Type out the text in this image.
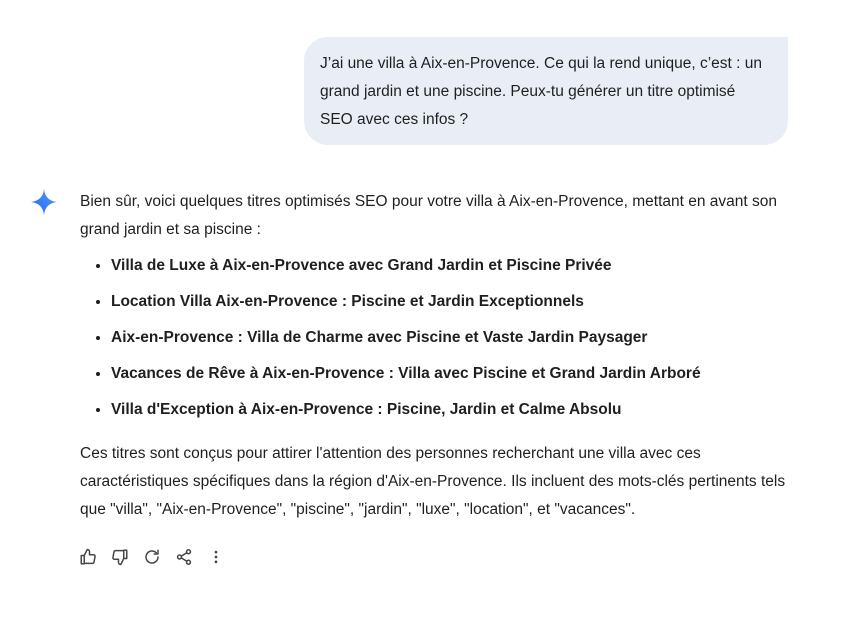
J’ai une villa à Aix-en-Provence. Ce qui la rend unique, c’est : un grand jardin et une piscine. Peux-tu générer un titre optimisé SEO avec ces infos ?

Bien sûr, voici quelques titres optimisés SEO pour votre villa à Aix-en-Provence, mettant en avant son grand jardin et sa piscine :

• Villa de Luxe à Aix-en-Provence avec Grand Jardin et Piscine Privée
• Location Villa Aix-en-Provence : Piscine et Jardin Exceptionnels
• Aix-en-Provence : Villa de Charme avec Piscine et Vaste Jardin Paysager
• Vacances de Rêve à Aix-en-Provence : Villa avec Piscine et Grand Jardin Arboré
• Villa d'Exception à Aix-en-Provence : Piscine, Jardin et Calme Absolu

Ces titres sont conçus pour attirer l'attention des personnes recherchant une villa avec ces caractéristiques spécifiques dans la région d'Aix-en-Provence. Ils incluent des mots-clés pertinents tels que "villa", "Aix-en-Provence", "piscine", "jardin", "luxe", "location", et "vacances".
